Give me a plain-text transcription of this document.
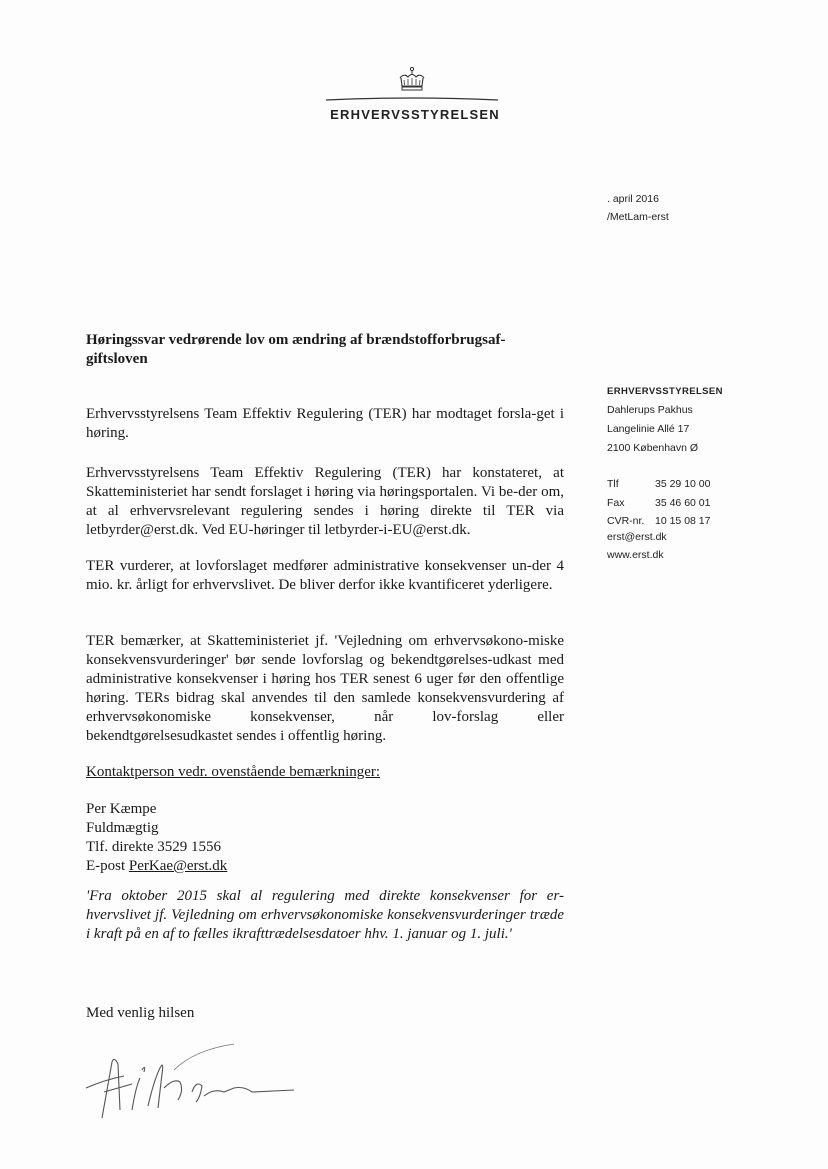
ERHVERVSSTYRELSEN
. april 2016
/MetLam-erst
Høringssvar vedrørende lov om ændring af brændstofforbrugsaf-giftsloven
ERHVERVSSTYRELSEN
Dahlerups Pakhus
Langelinie Allé 17
2100 København Ø
Tlf	35 29 10 00
Fax	35 46 60 01
CVR-nr.	10 15 08 17
erst@erst.dk
www.erst.dk
Erhvervsstyrelsens Team Effektiv Regulering (TER) har modtaget forsla-get i høring.
Erhvervsstyrelsens Team Effektiv Regulering (TER) har konstateret, at Skatteministeriet har sendt forslaget i høring via høringsportalen. Vi be-der om, at al erhvervsrelevant regulering sendes i høring direkte til TER via letbyrder@erst.dk. Ved EU-høringer til letbyrder-i-EU@erst.dk.
TER vurderer, at lovforslaget medfører administrative konsekvenser un-der 4 mio. kr. årligt for erhvervslivet. De bliver derfor ikke kvantificeret yderligere.
TER bemærker, at Skatteministeriet jf. 'Vejledning om erhvervsøkono-miske konsekvensvurderinger' bør sende lovforslag og bekendtgørelses-udkast med administrative konsekvenser i høring hos TER senest 6 uger før den offentlige høring. TERs bidrag skal anvendes til den samlede konsekvensvurdering af erhvervsøkonomiske konsekvenser, når lov-forslag eller bekendtgørelsesudkastet sendes i offentlig høring.
Kontaktperson vedr. ovenstående bemærkninger:
Per Kæmpe
Fuldmægtig
Tlf. direkte 3529 1556
E-post PerKae@erst.dk
'Fra oktober 2015 skal al regulering med direkte konsekvenser for er-hvervslivet jf. Vejledning om erhvervsøkonomiske konsekvensvurderinger træde i kraft på en af to fælles ikrafttrædelsesdatoer hhv. 1. januar og 1. juli.'
Med venlig hilsen
